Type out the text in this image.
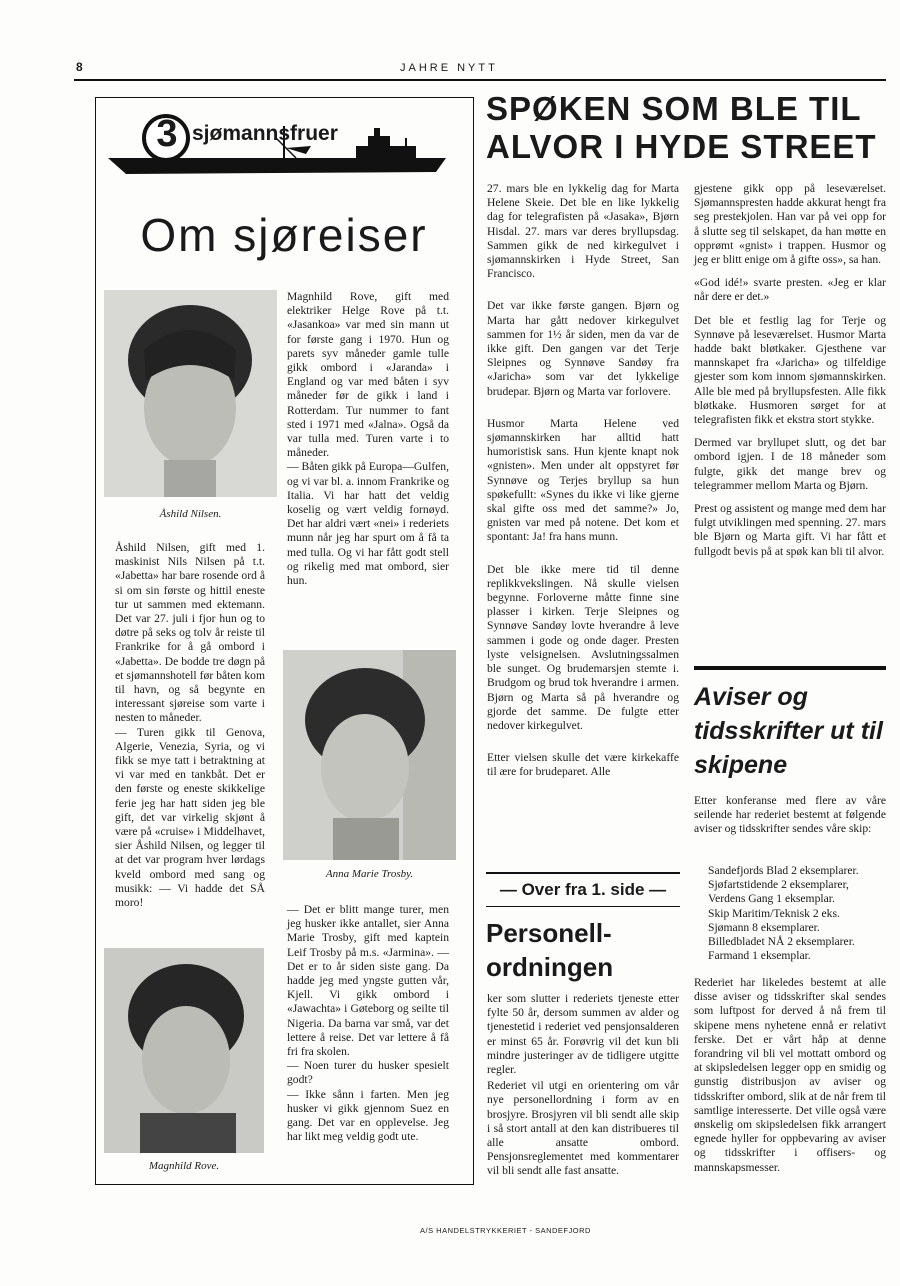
8	JAHRE NYTT
3 sjømannsfruer
Om sjøreiser
Åshild Nilsen.

Åshild Nilsen, gift med 1. maskinist Nils Nilsen på t.t. «Jabetta» har bare rosende ord å si om sin første og hittil eneste tur ut sammen med ektemann. Det var 27. juli i fjor hun og to døtre på seks og tolv år reiste til Frankrike for å gå ombord i «Jabetta». De bodde tre døgn på et sjømannshotell før båten kom til havn, og så begynte en interessant sjøreise som varte i nesten to måneder.
— Turen gikk til Genova, Algerie, Venezia, Syria, og vi fikk se mye tatt i betraktning at vi var med en tankbåt. Det er den første og eneste skikkelige ferie jeg har hatt siden jeg ble gift, det var virkelig skjønt å være på «cruise» i Middelhavet, sier Åshild Nilsen, og legger til at det var program hver lørdags kveld ombord med sang og musikk: — Vi hadde det SÅ moro!

Magnhild Rove, gift med elektriker Helge Rove på t.t. «Jasankoa» var med sin mann ut for første gang i 1970. Hun og parets syv måneder gamle tulle gikk ombord i «Jaranda» i England og var med båten i syv måneder før de gikk i land i Rotterdam. Tur nummer to fant sted i 1971 med «Jalna». Også da var tulla med. Turen varte i to måneder.
— Båten gikk på Europa—Gulfen, og vi var bl. a. innom Frankrike og Italia. Vi har hatt det veldig koselig og vært veldig fornøyd. Det har aldri vært «nei» i rederiets munn når jeg har spurt om å få ta med tulla. Og vi har fått godt stell og rikelig med mat ombord, sier hun.

Anna Marie Trosby.

— Det er blitt mange turer, men jeg husker ikke antallet, sier Anna Marie Trosby, gift med kaptein Leif Trosby på m.s. «Jarmina». — Det er to år siden siste gang. Da hadde jeg med yngste gutten vår, Kjell. Vi gikk ombord i «Jawachta» i Gøteborg og seilte til Nigeria. Da barna var små, var det lettere å reise. Det var lettere å få fri fra skolen.
— Noen turer du husker spesielt godt?
— Ikke sånn i farten. Men jeg husker vi gikk gjennom Suez en gang. Det var en opplevelse. Jeg har likt meg veldig godt ute.

Magnhild Rove.
SPØKEN SOM BLE TIL
ALVOR I HYDE STREET

27. mars ble en lykkelig dag for Marta Helene Skeie. Det ble en like lykkelig dag for telegrafisten på «Jasaka», Bjørn Hisdal. 27. mars var deres bryllupsdag. Sammen gikk de ned kirkegulvet i sjømannskirken i Hyde Street, San Francisco.

Det var ikke første gangen. Bjørn og Marta har gått nedover kirkegulvet sammen for 1½ år siden, men da var de ikke gift. Den gangen var det Terje Sleipnes og Synnøve Sandøy fra «Jaricha» som var det lykkelige brudepar. Bjørn og Marta var forlovere.

Husmor Marta Helene ved sjømannskirken har alltid hatt humoristisk sans. Hun kjente knapt nok «gnisten». Men under alt oppstyret før Synnøve og Terjes bryllup sa hun spøkefullt: «Synes du ikke vi like gjerne skal gifte oss med det samme?» Jo, gnisten var med på notene. Det kom et spontant: Ja! fra hans munn.

Det ble ikke mere tid til denne replikkvekslingen. Nå skulle vielsen begynne. Forloverne måtte finne sine plasser i kirken. Terje Sleipnes og Synnøve Sandøy lovte hverandre å leve sammen i gode og onde dager. Presten lyste velsignelsen. Avslutningssalmen ble sunget. Og brudemarsjen stemte i. Brudgom og brud tok hverandre i armen. Bjørn og Marta så på hverandre og gjorde det samme. De fulgte etter nedover kirkegulvet.

Etter vielsen skulle det være kirkekaffe til ære for brudeparet. Alle

gjestene gikk opp på leseværelset. Sjømannspresten hadde akkurat hengt fra seg prestekjolen. Han var på vei opp for å slutte seg til selskapet, da han møtte en opprømt «gnist» i trappen. Husmor og jeg er blitt enige om å gifte oss», sa han.

«God idé!» svarte presten. «Jeg er klar når dere er det.»

Det ble et festlig lag for Terje og Synnøve på leseværelset. Husmor Marta hadde bakt bløtkaker. Gjesthene var mannskapet fra «Jaricha» og tilfeldige gjester som kom innom sjømannskirken. Alle ble med på bryllupsfesten. Alle fikk bløtkake. Husmoren sørget for at telegrafisten fikk et ekstra stort stykke.

Dermed var bryllupet slutt, og det bar ombord igjen. I de 18 måneder som fulgte, gikk det mange brev og telegrammer mellom Marta og Bjørn.

Prest og assistent og mange med dem har fulgt utviklingen med spenning. 27. mars ble Bjørn og Marta gift. Vi har fått et fullgodt bevis på at spøk kan bli til alvor.

— Over fra 1. side —
Personell-ordningen

ker som slutter i rederiets tjeneste etter fylte 50 år, dersom summen av alder og tjenestetid i rederiet ved pensjonsalderen er minst 65 år. Forøvrig vil det kun bli mindre justeringer av de tidligere utgitte regler.

Rederiet vil utgi en orientering om vår nye personellordning i form av en brosjyre. Brosjyren vil bli sendt alle skip i så stort antall at den kan distribueres til alle ansatte ombord. Pensjonsreglementet med kommentarer vil bli sendt alle fast ansatte.

Aviser og tidsskrifter ut til skipene

Etter konferanse med flere av våre seilende har rederiet bestemt at følgende aviser og tidsskrifter sendes våre skip:

Sandefjords Blad 2 eksemplarer.
Sjøfartstidende 2 eksemplarer,
Verdens Gang 1 eksemplar.
Skip Maritim/Teknisk 2 eks.
Sjømann 8 eksemplarer.
Billedbladet NÅ 2 eksemplarer.
Farmand 1 eksemplar.

Rederiet har likeledes bestemt at alle disse aviser og tidsskrifter skal sendes som luftpost for derved å nå frem til skipene mens nyhetene ennå er relativt ferske. Det er vårt håp at denne forandring vil bli vel mottatt ombord og at skipsledelsen legger opp en smidig og gunstig distribusjon av aviser og tidsskrifter ombord, slik at de når frem til samtlige interesserte. Det ville også være ønskelig om skipsledelsen fikk arrangert egnede hyller for oppbevaring av aviser og tidsskrifter i offisers- og mannskapsmesser.

A/S HANDELSTRYKKERIET - SANDEFJORD
